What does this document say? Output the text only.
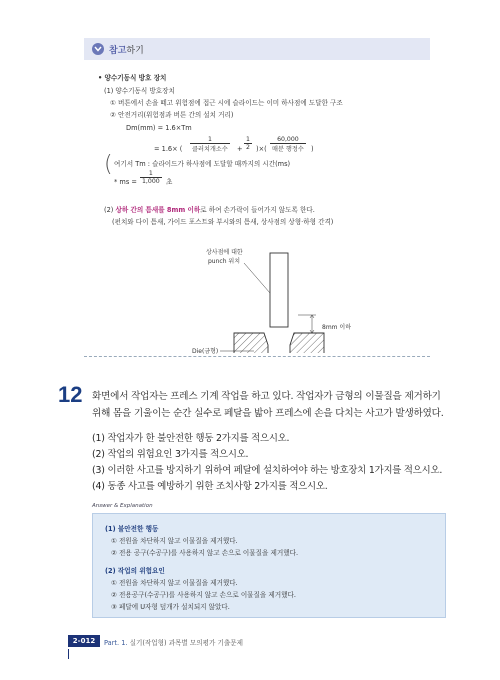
참고하기
• 양수기동식 방호 장치
(1) 양수기동식 방호장치
① 버튼에서 손을 떼고 위험점에 접근 시에 슬라이드는 이미 하사점에 도달한 구조
② 안전거리(위험점과 버튼 간의 설치 거리)
Dm(mm) = 1.6×Tm
= 1.6× (
1
클러치개소수	+ $\frac{1}{2}$ )×(
60,000
매분 행정수	)
( 여기서 Tm : 슬라이드가 하사점에 도달할 때까지의 시간(ms)
* ms = $\frac{1}{1,000}$ 초
(2) 상하 간의 틈새를 8mm 이하로 하여 손가락이 들어가지 않도록 한다.
(펀치와 다이 틈새, 가이드 포스트와 부시와의 틈새, 상사점의 상형·하형 간격)
상사점에 대한
punch 위치
8mm 이하
Die(금형)
12 화면에서 작업자는 프레스 기계 작업을 하고 있다. 작업자가 금형의 이물질을 제거하기
위해 몸을 기울이는 순간 실수로 페달을 밟아 프레스에 손을 다치는 사고가 발생하였다.
(1) 작업자가 한 불안전한 행동 2가지를 적으시오.
(2) 작업의 위험요인 3가지를 적으시오.
(3) 이러한 사고를 방지하기 위하여 페달에 설치하여야 하는 방호장치 1가지를 적으시오.
(4) 동종 사고를 예방하기 위한 조치사항 2가지를 적으시오.
Answer & Explanation
(1) 불안전한 행동
① 전원을 차단하지 않고 이물질을 제거했다.
② 전용 공구(수공구)를 사용하지 않고 손으로 이물질을 제거했다.
(2) 작업의 위험요인
① 전원을 차단하지 않고 이물질을 제거했다.
② 전용공구(수공구)를 사용하지 않고 손으로 이물질을 제거했다.
③ 페달에 U자형 덮개가 설치되지 않았다.
2-012	Part. 1. 실기(작업형) 과목별 모의평가 기출문제
